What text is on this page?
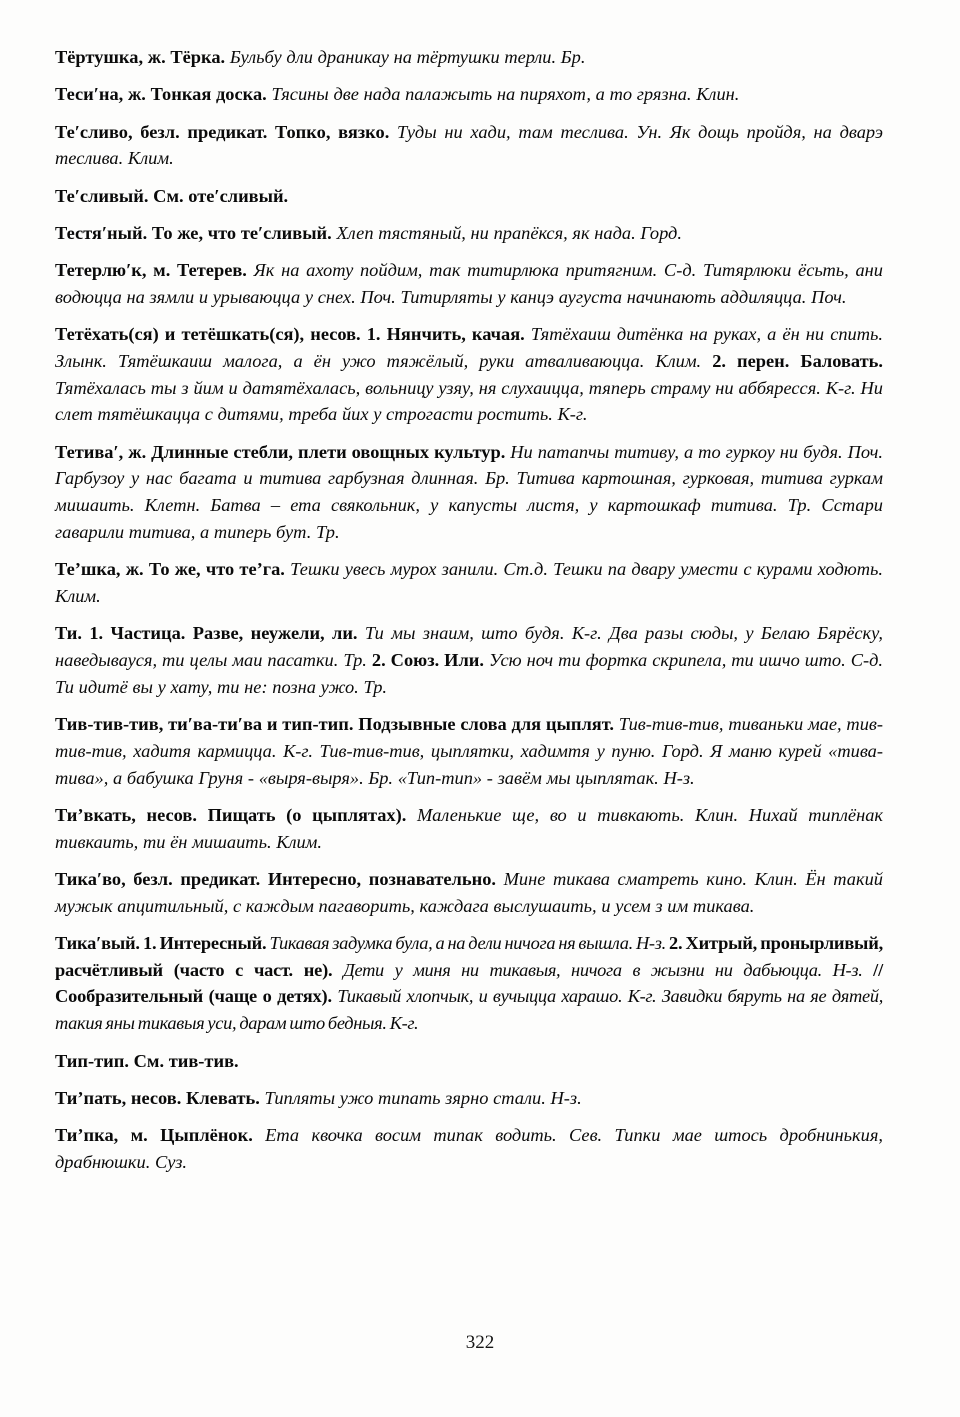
Тёртушка, ж. Тёрка. Бульбу дли драникау на тёртушки терли. Бр.

Теси′на, ж. Тонкая доска. Тясины две нада палажыть на пиряхот, а то грязна. Клин.

Те′сливо, безл. предикат. Топко, вязко. Туды ни хади, там теслива. Ун. Як дощь пройдя, на дварэ теслива. Клим.

Те′сливый. См. оте′сливый.

Тестя′ный. То же, что те′сливый. Хлеп тястяный, ни прапёкся, як нада. Горд.

Тетерлю′к, м. Тетерев. Як на ахоту пойдим, так титирлюка притягним. С-д. Титярлюки ёсьть, ани водюцца на зямли и урываюцца у снех. Поч. Титирляты у канцэ аугуста начинають аддиляцца. Поч.

Тетёхать(ся) и тетёшкать(ся), несов. 1. Нянчить, качая. Тятёхаиш дитёнка на руках, а ён ни спить. Злынк. Тятёшкаиш малога, а ён ужо тяжёлый, руки атваливаюцца. Клим. 2. перен. Баловать. Тятёхалась ты з йим и датятёхалась, вольницу узяу, ня слухаицца, тяперь страму ни аббяресся. К-г. Ни слет тятёшкацца с дитями, треба йих у строгасти ростить. К-г.

Тетива′, ж. Длинные стебли, плети овощных культур. Ни патапчы титиву, а то гуркоу ни будя. Поч. Гарбузоу у нас багата и титива гарбузная длинная. Бр. Титива картошная, гурковая, титива гуркам мишаить. Клетн. Батва – ета свякольник, у капусты листя, у картошкаф титива. Тр. Сстари гаварили титива, а типерь бут. Тр.

Те’шка, ж. То же, что те’га. Тешки увесь мурох занили. Ст.д. Тешки па двару умести с курами ходють. Клим.

Ти. 1. Частица. Разве, неужели, ли. Ти мы знаим, што будя. К-г. Два разы сюды, у Белаю Бярёску, наведывауся, ти целы маи пасатки. Тр. 2. Союз. Или. Усю ноч ти фортка скрипела, ти ишчо што. С-д. Ти идитё вы у хату, ти не: позна ужо. Тр.

Тив-тив-тив, ти′ва-ти′ва и тип-тип. Подзывные слова для цыплят. Тив-тив-тив, тиваньки мае, тив-тив-тив, хадитя кармицца. К-г. Тив-тив-тив, цыплятки, хадимтя у пуню. Горд. Я маню курей «тива-тива», а бабушка Груня - «выря-выря». Бр. «Тип-тип» - завём мы цыплятак. Н-з.

Ти’вкать, несов. Пищать (о цыплятах). Маленькие ще, во и тивкають. Клин. Нихай типлёнак тивкаить, ти ён мишаить. Клим.

Тика′во, безл. предикат. Интересно, познавательно. Мине тикава сматреть кино. Клин. Ён такий мужык апцитильный, с каждым пагаворить, каждага выслушаить, и усем з им тикава.

Тика′вый. 1. Интересный. Тикавая задумка була, а на дели ничога ня вышла. Н-з. 2. Хитрый, пронырливый, расчётливый (часто с част. не). Дети у миня ни тикавыя, ничога в жызни ни дабьюцца. Н-з. // Сообразительный (чаще о детях). Тикавый хлопчык, и вучыцца харашо. К-г. Завидки бяруть на яе дятей, такия яны тикавыя уси, дарам што бедныя. К-г.

Тип-тип. См. тив-тив.

Ти’пать, несов. Клевать. Типляты ужо типать зярно стали. Н-з.

Ти’пка, м. Цыплёнок. Ета квочка восим типак водить. Сев. Типки мае штось дробнинькия, драбнюшки. Суз.

322
